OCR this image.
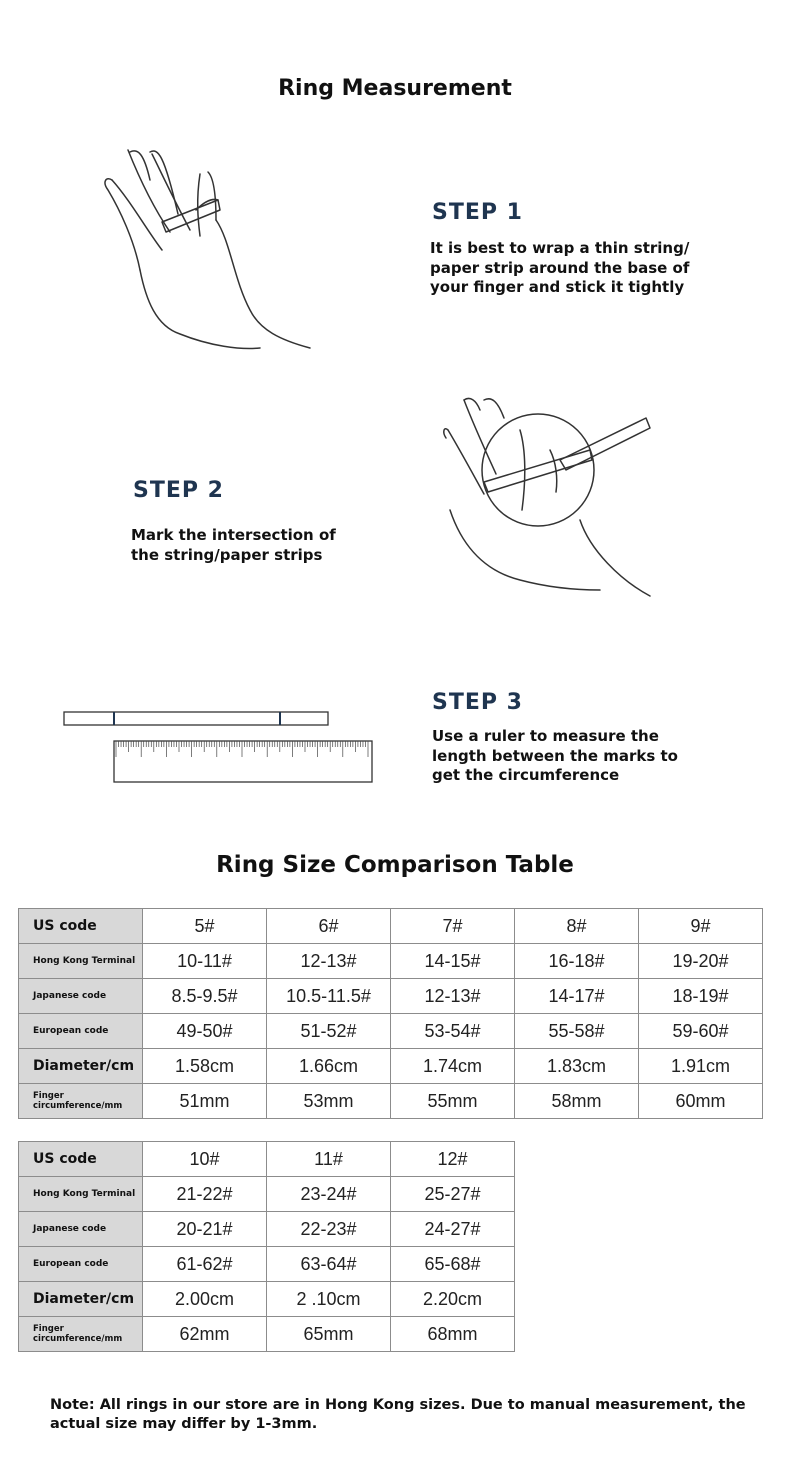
Ring Measurement
STEP 1
It is best to wrap a thin string/ paper strip around the base of your finger and stick it tightly
STEP 2
Mark the intersection of the string/paper strips
STEP 3
Use a ruler to measure the length between the marks to get the circumference
Ring Size Comparison Table
US code	5#	6#	7#	8#	9#
Hong Kong Terminal	10-11#	12-13#	14-15#	16-18#	19-20#
Japanese code	8.5-9.5#	10.5-11.5#	12-13#	14-17#	18-19#
European code	49-50#	51-52#	53-54#	55-58#	59-60#
Diameter/cm	1.58cm	1.66cm	1.74cm	1.83cm	1.91cm
Finger circumference/mm	51mm	53mm	55mm	58mm	60mm
US code	10#	11#	12#
Hong Kong Terminal	21-22#	23-24#	25-27#
Japanese code	20-21#	22-23#	24-27#
European code	61-62#	63-64#	65-68#
Diameter/cm	2.00cm	2 .10cm	2.20cm
Finger circumference/mm	62mm	65mm	68mm
Note: All rings in our store are in Hong Kong sizes. Due to manual measurement, the actual size may differ by 1-3mm.
